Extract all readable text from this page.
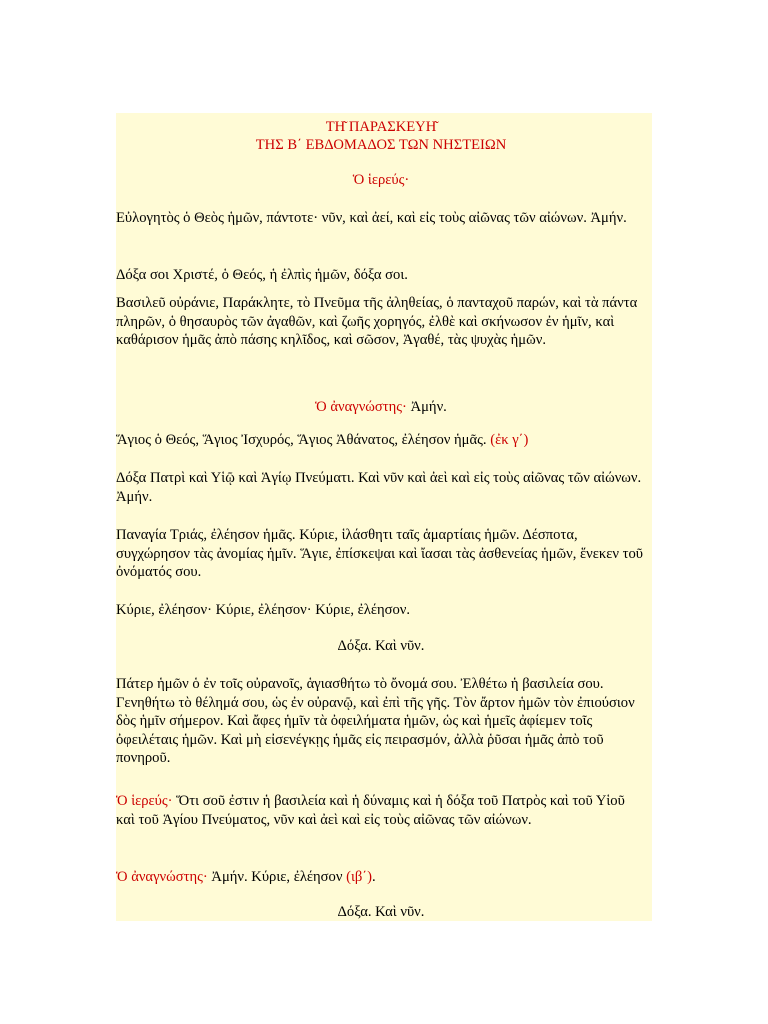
ΤΗ͂ ΠΑΡΑΣΚΕΥΗ͂
ΤΗΣ Β΄ ΕΒΔΟΜΑΔΟΣ ΤΩΝ ΝΗΣΤΕΙΩΝ

Ὁ ἱερεύς·

Εὐλογητὸς ὁ Θεὸς ἡμῶν, πάντοτε· νῦν, καὶ ἀεί, καὶ εἰς τοὺς αἰῶνας τῶν αἰώνων. Ἀμήν.

Δόξα σοι Χριστέ, ὁ Θεός, ἡ ἐλπὶς ἡμῶν, δόξα σοι.

Βασιλεῦ οὐράνιε, Παράκλητε, τὸ Πνεῦμα τῆς ἀληθείας, ὁ πανταχοῦ παρών, καὶ τὰ πάντα πληρῶν, ὁ θησαυρὸς τῶν ἀγαθῶν, καὶ ζωῆς χορηγός, ἐλθὲ καὶ σκήνωσον ἐν ἡμῖν, καὶ καθάρισον ἡμᾶς ἀπὸ πάσης κηλῖδος, καὶ σῶσον, Ἀγαθέ, τὰς ψυχὰς ἡμῶν.

Ὁ ἀναγνώστης· Ἀμήν.

Ἅγιος ὁ Θεός, Ἅγιος Ἰσχυρός, Ἅγιος Ἀθάνατος, ἐλέησον ἡμᾶς. (ἐκ γ΄)

Δόξα Πατρὶ καὶ Υἱῷ καὶ Ἁγίῳ Πνεύματι. Καὶ νῦν καὶ ἀεὶ καὶ εἰς τοὺς αἰῶνας τῶν αἰώνων. Ἀμήν.

Παναγία Τριάς, ἐλέησον ἡμᾶς. Κύριε, ἱλάσθητι ταῖς ἁμαρτίαις ἡμῶν. Δέσποτα, συγχώρησον τὰς ἀνομίας ἡμῖν. Ἅγιε, ἐπίσκεψαι καὶ ἴασαι τὰς ἀσθενείας ἡμῶν, ἕνεκεν τοῦ ὀνόματός σου.

Κύριε, ἐλέησον· Κύριε, ἐλέησον· Κύριε, ἐλέησον.

Δόξα. Καὶ νῦν.

Πάτερ ἡμῶν ὁ ἐν τοῖς οὐρανοῖς, ἁγιασθήτω τὸ ὄνομά σου. Ἐλθέτω ἡ βασιλεία σου. Γενηθήτω τὸ θέλημά σου, ὡς ἐν οὐρανῷ, καὶ ἐπὶ τῆς γῆς. Τὸν ἄρτον ἡμῶν τὸν ἐπιούσιον δὸς ἡμῖν σήμερον. Καὶ ἄφες ἡμῖν τὰ ὀφειλήματα ἡμῶν, ὡς καὶ ἡμεῖς ἀφίεμεν τοῖς ὀφειλέταις ἡμῶν. Καὶ μὴ εἰσενέγκῃς ἡμᾶς εἰς πειρασμόν, ἀλλὰ ῥῦσαι ἡμᾶς ἀπὸ τοῦ πονηροῦ.

Ὁ ἱερεύς· Ὅτι σοῦ ἐστιν ἡ βασιλεία καὶ ἡ δύναμις καὶ ἡ δόξα τοῦ Πατρὸς καὶ τοῦ Υἱοῦ καὶ τοῦ Ἁγίου Πνεύματος, νῦν καὶ ἀεὶ καὶ εἰς τοὺς αἰῶνας τῶν αἰώνων.

Ὁ ἀναγνώστης· Ἀμήν. Κύριε, ἐλέησον (ιβ΄).

Δόξα. Καὶ νῦν.
